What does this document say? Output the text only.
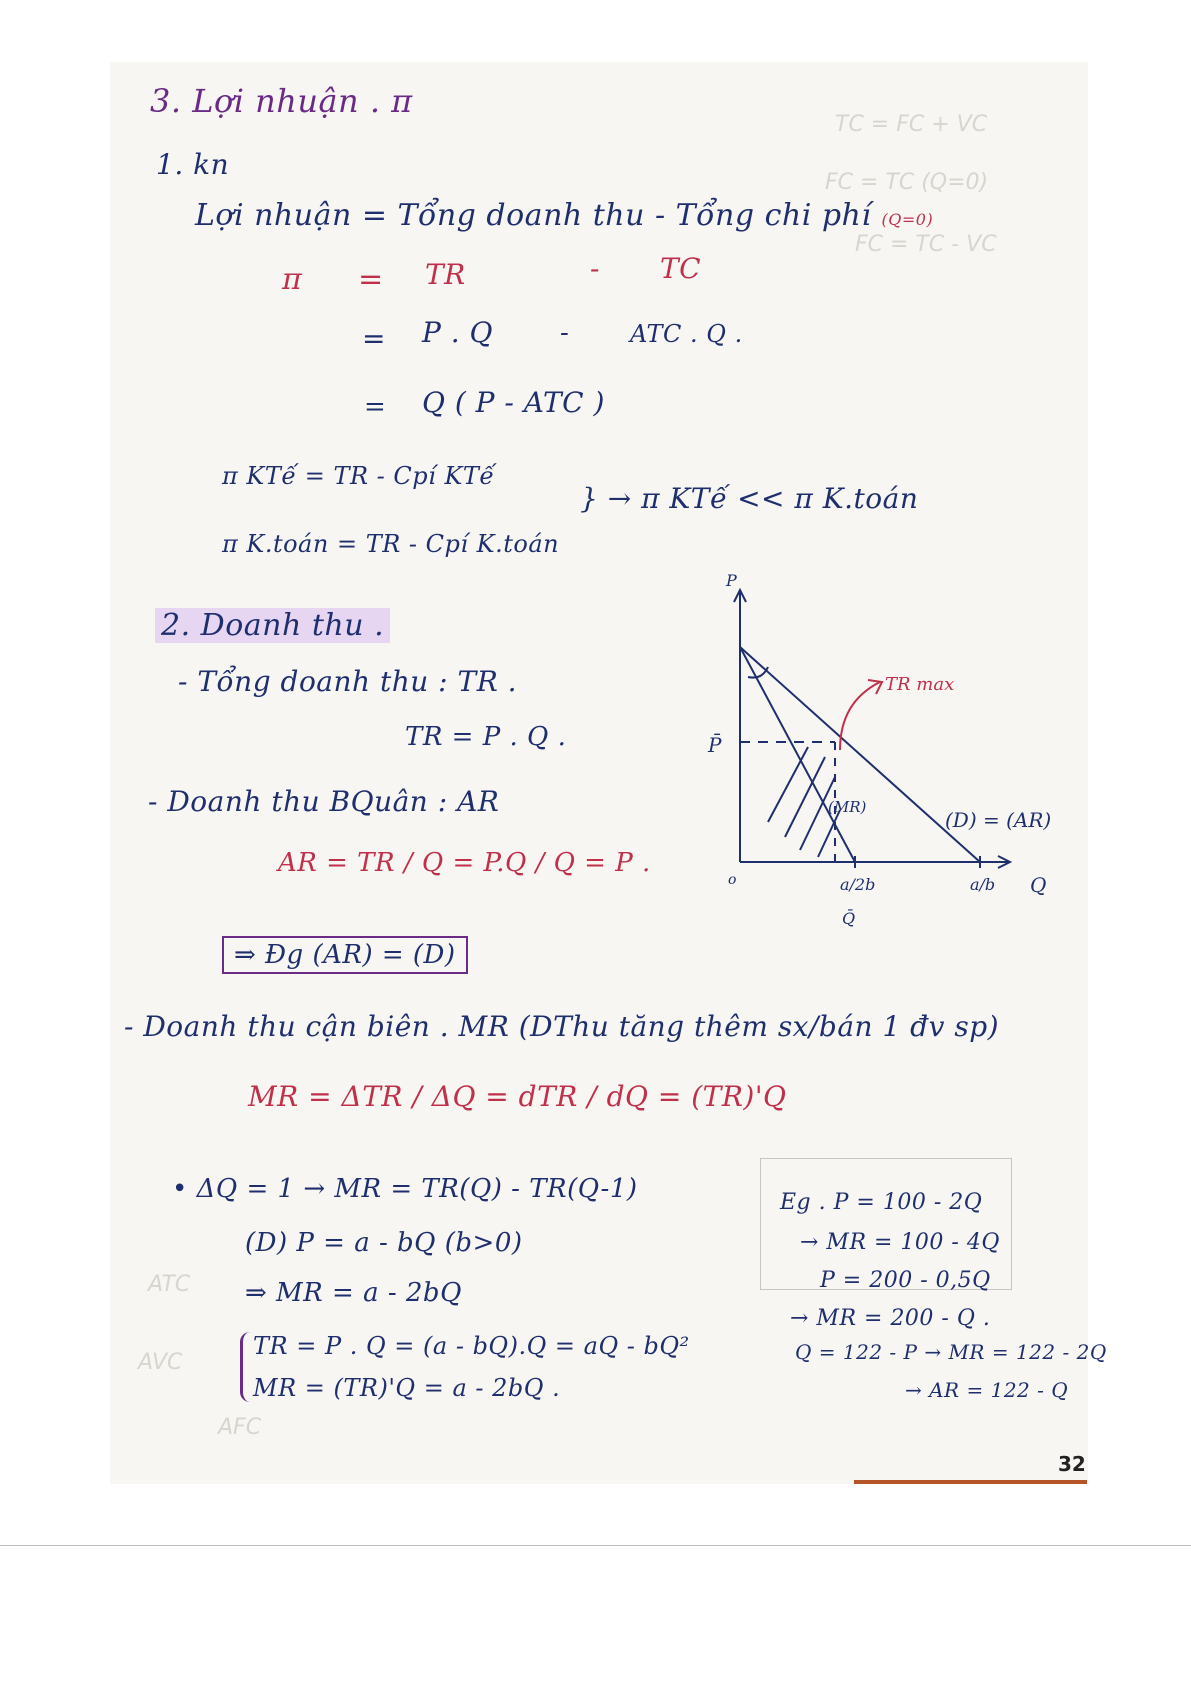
TC = FC + VC
FC = TC (Q=0)
FC = TC - VC
ATC
AVC
AFC
3. Lợi nhuận . π
1. kn
Lợi nhuận = Tổng doanh thu - Tổng chi phí (Q=0)
π = TR	- TC
= P . Q	-	ATC . Q .
= Q ( P - ATC )
π KTế = TR - Cpí KTế
π K.toán = TR - Cpí K.toán
} → π KTế << π K.toán
2. Doanh thu .
- Tổng doanh thu : TR .
TR = P . Q .
- Doanh thu BQuân : AR
AR = TR / Q = P.Q / Q = P .
⇒ Đg (AR) = (D)
- Doanh thu cận biên . MR (DThu tăng thêm sx/bán 1 đv sp)
MR = ΔTR / ΔQ = dTR / dQ = (TR)'Q
• ΔQ = 1 → MR = TR(Q) - TR(Q-1)
(D) P = a - bQ (b>0)
⇒ MR = a - 2bQ
TR = P . Q = (a - bQ).Q = aQ - bQ²
MR = (TR)'Q = a - 2bQ .
Eg . P = 100 - 2Q
→ MR = 100 - 4Q
P = 200 - 0,5Q
→ MR = 200 - Q .
Q = 122 - P → MR = 122 - 2Q
→ AR = 122 - Q
P
Q
o
P̄
a/2b
Q̄
a/b
TR max
(MR)
(D) = (AR)
32
